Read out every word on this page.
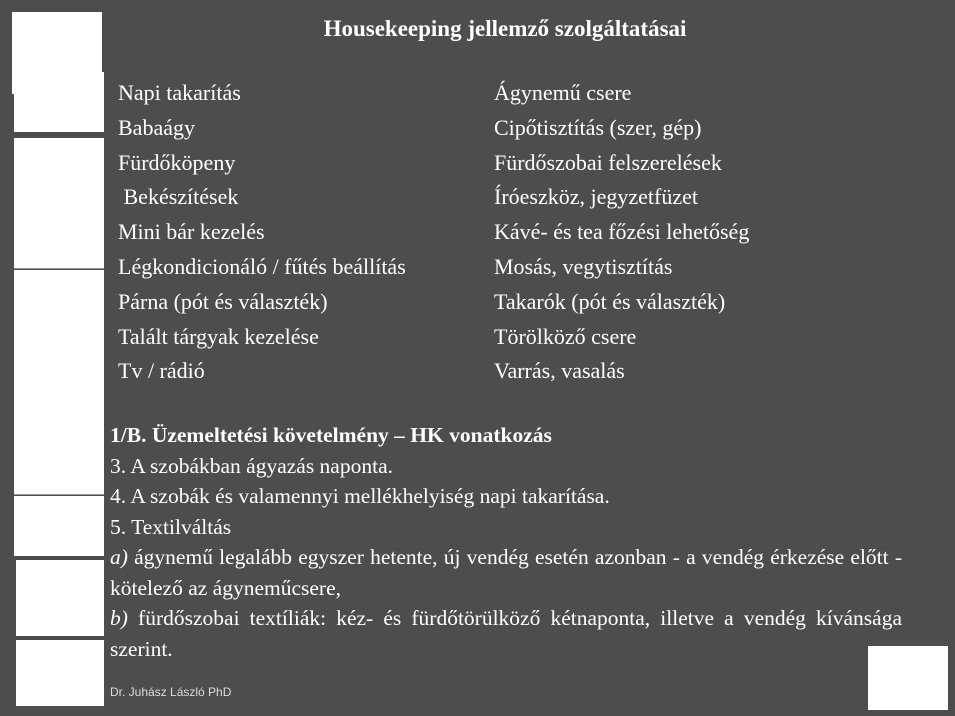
Housekeeping jellemző szolgáltatásai
Napi takarítás
Babaágy
Fürdőköpeny
Bekészítések
Mini bár kezelés
Légkondicionáló / fűtés beállítás
Párna (pót és választék)
Talált tárgyak kezelése
Tv / rádió
Ágynemű csere
Cipőtisztítás (szer, gép)
Fürdőszobai felszerelések
Íróeszköz, jegyzetfüzet
Kávé- és tea főzési lehetőség
Mosás, vegytisztítás
Takarók (pót és választék)
Törölköző csere
Varrás, vasalás
1/B. Üzemeltetési követelmény – HK vonatkozás
3. A szobákban ágyazás naponta.
4. A szobák és valamennyi mellékhelyiség napi takarítása.
5. Textilváltás
a) ágynemű legalább egyszer hetente, új vendég esetén azonban - a vendég érkezése előtt - kötelező az ágyneműcsere,
b) fürdőszobai textíliák: kéz- és fürdőtörülköző kétnaponta, illetve a vendég kívánsága szerint.
Dr. Juhász László PhD
